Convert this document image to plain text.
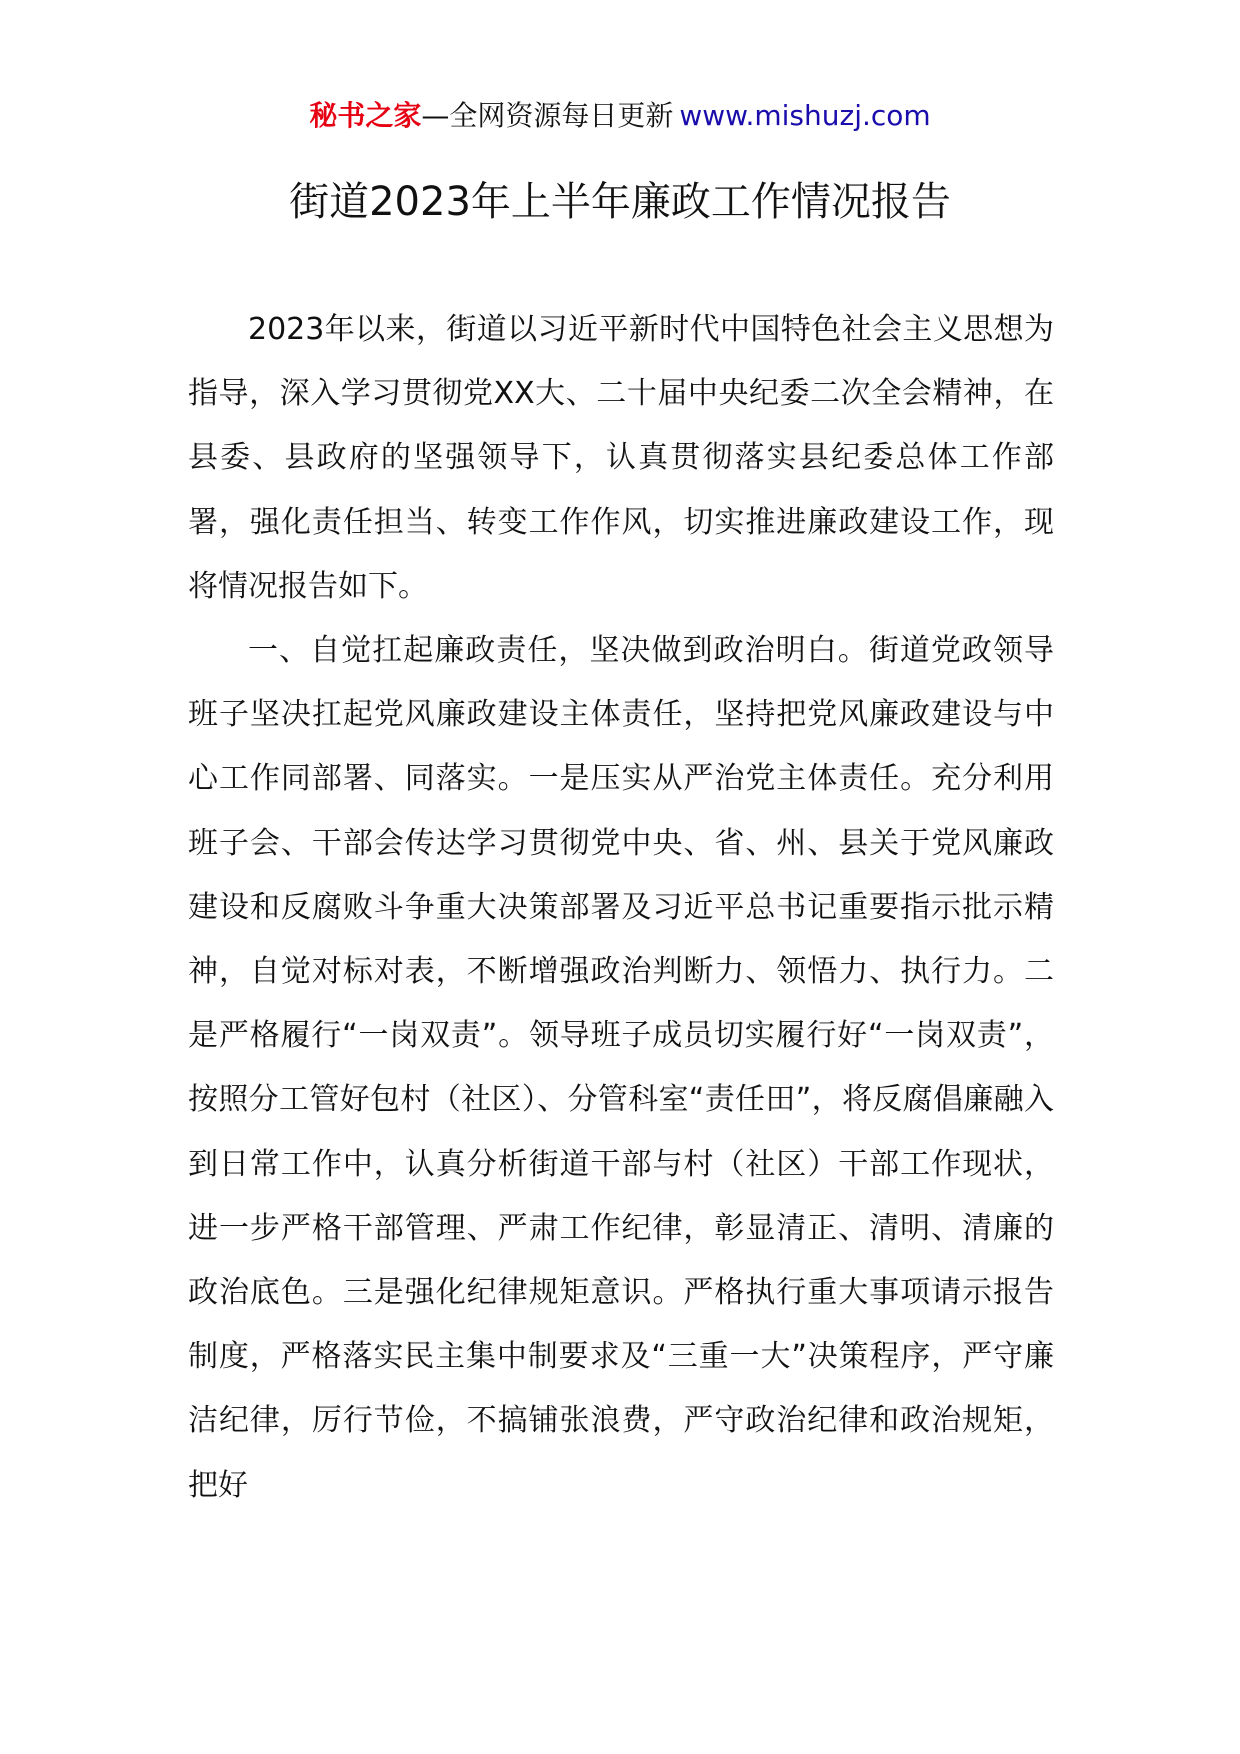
秘书之家—全网资源每日更新 www.mishuzj.com
街道2023年上半年廉政工作情况报告

2023年以来，街道以习近平新时代中国特色社会主义思想为指导，深入学习贯彻党XX大、二十届中央纪委二次全会精神，在县委、县政府的坚强领导下，认真贯彻落实县纪委总体工作部署，强化责任担当、转变工作作风，切实推进廉政建设工作，现将情况报告如下。

一、自觉扛起廉政责任，坚决做到政治明白。街道党政领导班子坚决扛起党风廉政建设主体责任，坚持把党风廉政建设与中心工作同部署、同落实。一是压实从严治党主体责任。充分利用班子会、干部会传达学习贯彻党中央、省、州、县关于党风廉政建设和反腐败斗争重大决策部署及习近平总书记重要指示批示精神，自觉对标对表，不断增强政治判断力、领悟力、执行力。二是严格履行“一岗双责”。领导班子成员切实履行好“一岗双责”，按照分工管好包村（社区）、分管科室“责任田”，将反腐倡廉融入到日常工作中，认真分析街道干部与村（社区）干部工作现状，进一步严格干部管理、严肃工作纪律，彰显清正、清明、清廉的政治底色。三是强化纪律规矩意识。严格执行重大事项请示报告制度，严格落实民主集中制要求及“三重一大”决策程序，严守廉洁纪律，厉行节俭，不搞铺张浪费，严守政治纪律和政治规矩，把好
